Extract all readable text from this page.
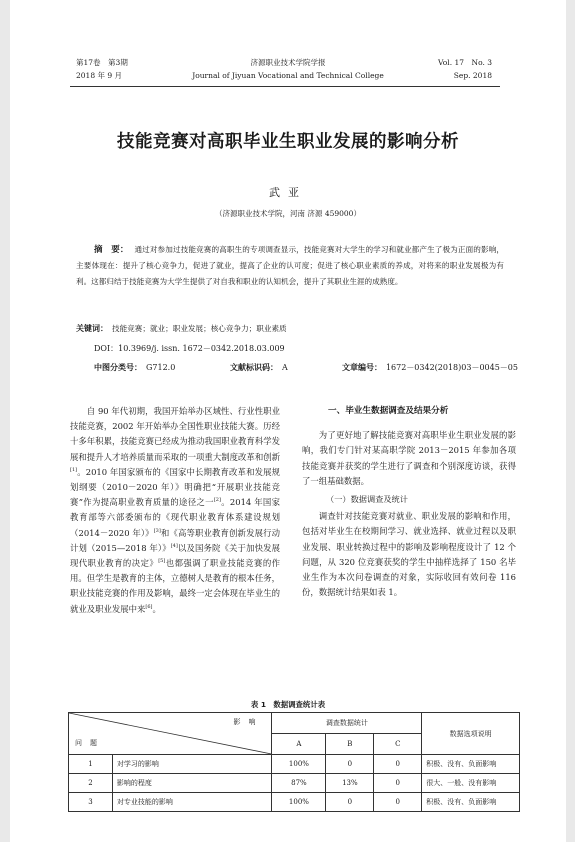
第17卷　第3期
2018 年 9 月
济源职业技术学院学报
Journal of Jiyuan Vocational and Technical College
Vol. 17　No. 3
Sep. 2018
技能竞赛对高职毕业生职业发展的影响分析
武亚
（济源职业技术学院，河南 济源 459000）
摘　要： 通过对参加过技能竞赛的高职生的专项调查显示，技能竞赛对大学生的学习和就业都产生了极为正面的影响，主要体现在：提升了核心竞争力，促进了就业，提高了企业的认可度；促进了核心职业素质的养成，对将来的职业发展极为有利。这都归结于技能竞赛为大学生提供了对自我和职业的认知机会，提升了其职业生涯的成熟度。
关键词： 技能竞赛；就业；职业发展；核心竞争力；职业素质
DOI：10.3969/j. issn. 1672－0342.2018.03.009
中图分类号： G712.0	文献标识码： A	文章编号： 1672－0342(2018)03－0045－05

自 90 年代初期，我国开始举办区域性、行业性职业技能竞赛，2002 年开始举办全国性职业技能大赛。历经十多年积累，技能竞赛已经成为推动我国职业教育科学发展和提升人才培养质量而采取的一项重大制度改革和创新[1]。2010 年国家颁布的《国家中长期教育改革和发展规划纲要（2010－2020 年）》明确把“开展职业技能竞赛”作为提高职业教育质量的途径之一[2]。2014 年国家教育部等六部委颁布的《现代职业教育体系建设规划（2014－2020 年）》[3]和《高等职业教育创新发展行动计划（2015—2018 年）》[4]以及国务院《关于加快发展现代职业教育的决定》[5]也都强调了职业技能竞赛的作用。但学生是教育的主体，立德树人是教育的根本任务，职业技能竞赛的作用及影响，最终一定会体现在毕业生的就业及职业发展中来[6]。

一、毕业生数据调查及结果分析

为了更好地了解技能竞赛对高职毕业生职业发展的影响，我们专门针对某高职学院 2013－2015 年参加各项技能竞赛并获奖的学生进行了调查和个别深度访谈，获得了一组基础数据。

（一）数据调查及统计

调查针对技能竞赛对就业、职业发展的影响和作用，包括对毕业生在校期间学习、就业选择、就业过程以及职业发展、职业转换过程中的影响及影响程度设计了 12 个问题，从 320 位竞赛获奖的学生中抽样选择了 150 名毕业生作为本次问卷调查的对象，实际收回有效问卷 116 份，数据统计结果如表 1。

表 1　数据调查统计表
影响
问题		调查数据统计			数据选项说明
		A	B	C	
1	对学习的影响	100%	0	0	积极、没有、负面影响
2	影响的程度	87%	13%	0	很大、一般、没有影响
3	对专业技能的影响	100%	0	0	积极、没有、负面影响
